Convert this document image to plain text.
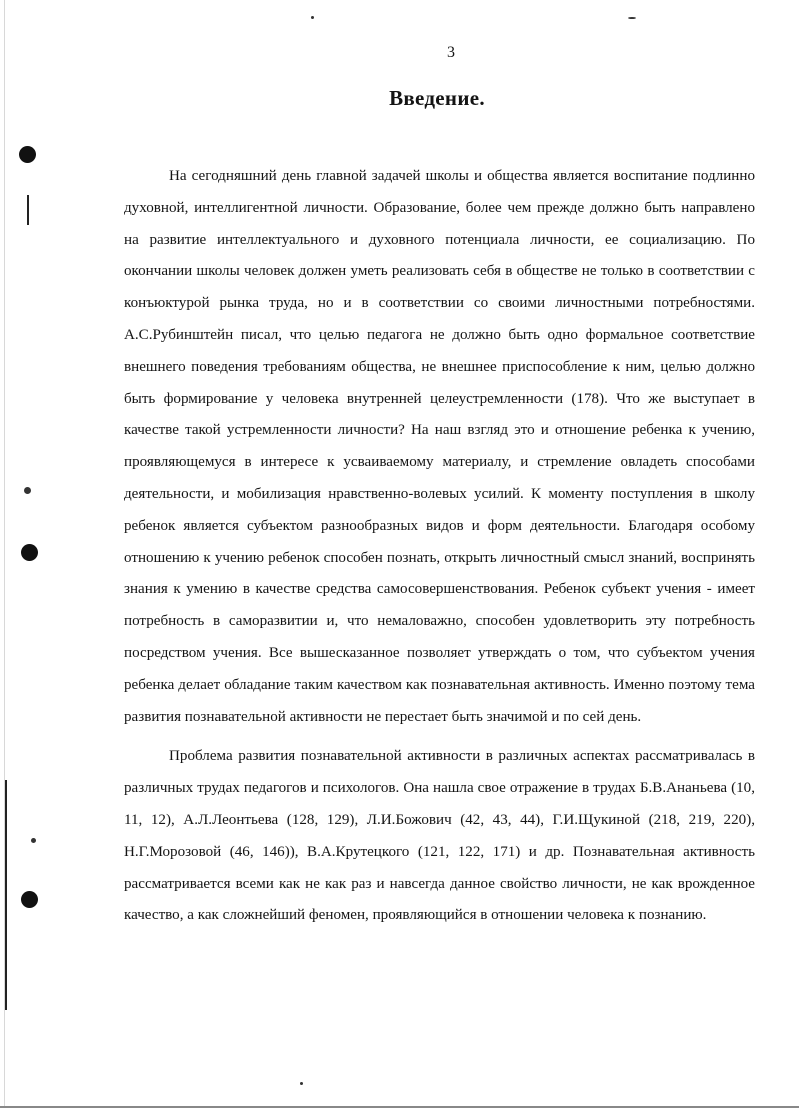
3
Введение.

На сегодняшний день главной задачей школы и общества является воспитание подлинно духовной, интеллигентной личности. Образование, более чем прежде должно быть направлено на развитие интеллектуального и духовного потенциала личности, ее социализацию. По окончании школы человек должен уметь реализовать себя в обществе не только в соответствии с конъюктурой рынка труда, но и в соответствии со своими личностными потребностями. А.С.Рубинштейн писал, что целью педагога не должно быть одно формальное соответствие внешнего поведения требованиям общества, не внешнее приспособление к ним, целью должно быть формирование у человека внутренней целеустремленности (178). Что же выступает в качестве такой устремленности личности? На наш взгляд это и отношение ребенка к учению, проявляющемуся в интересе к усваиваемому материалу, и стремление овладеть способами деятельности, и мобилизация нравственно-волевых усилий. К моменту поступления в школу ребенок является субъектом разнообразных видов и форм деятельности. Благодаря особому отношению к учению ребенок способен познать, открыть личностный смысл знаний, воспринять знания к умению в качестве средства самосовершенствования. Ребенок субъект учения - имеет потребность в саморазвитии и, что немаловажно, способен удовлетворить эту потребность посредством учения. Все вышесказанное позволяет утверждать о том, что субъектом учения ребенка делает обладание таким качеством как познавательная активность. Именно поэтому тема развития познавательной активности не перестает быть значимой и по сей день.

Проблема развития познавательной активности в различных аспектах рассматривалась в различных трудах педагогов и психологов. Она нашла свое отражение в трудах Б.В.Ананьева (10, 11, 12), А.Л.Леонтьева (128, 129), Л.И.Божович (42, 43, 44), Г.И.Щукиной (218, 219, 220), Н.Г.Морозовой (46, 146)), В.А.Крутецкого (121, 122, 171) и др. Познавательная активность рассматривается всеми как не как раз и навсегда данное свойство личности, не как врожденное качество, а как сложнейший феномен, проявляющийся в отношении человека к познанию.
